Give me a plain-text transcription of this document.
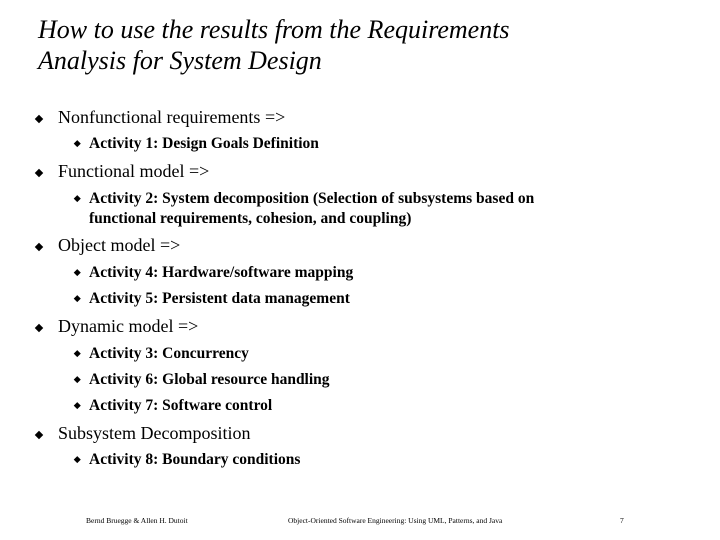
How to use the results from the Requirements
Analysis for System Design
Nonfunctional requirements =>
Activity 1: Design Goals Definition
Functional model =>
Activity 2: System decomposition (Selection of subsystems based on
functional requirements, cohesion, and coupling)
Object model =>
Activity 4: Hardware/software mapping
Activity 5: Persistent data management
Dynamic model =>
Activity 3: Concurrency
Activity 6: Global resource handling
Activity 7: Software control
Subsystem Decomposition
Activity 8: Boundary conditions
Bernd Bruegge & Allen H. Dutoit	Object-Oriented Software Engineering: Using UML, Patterns, and Java	7
